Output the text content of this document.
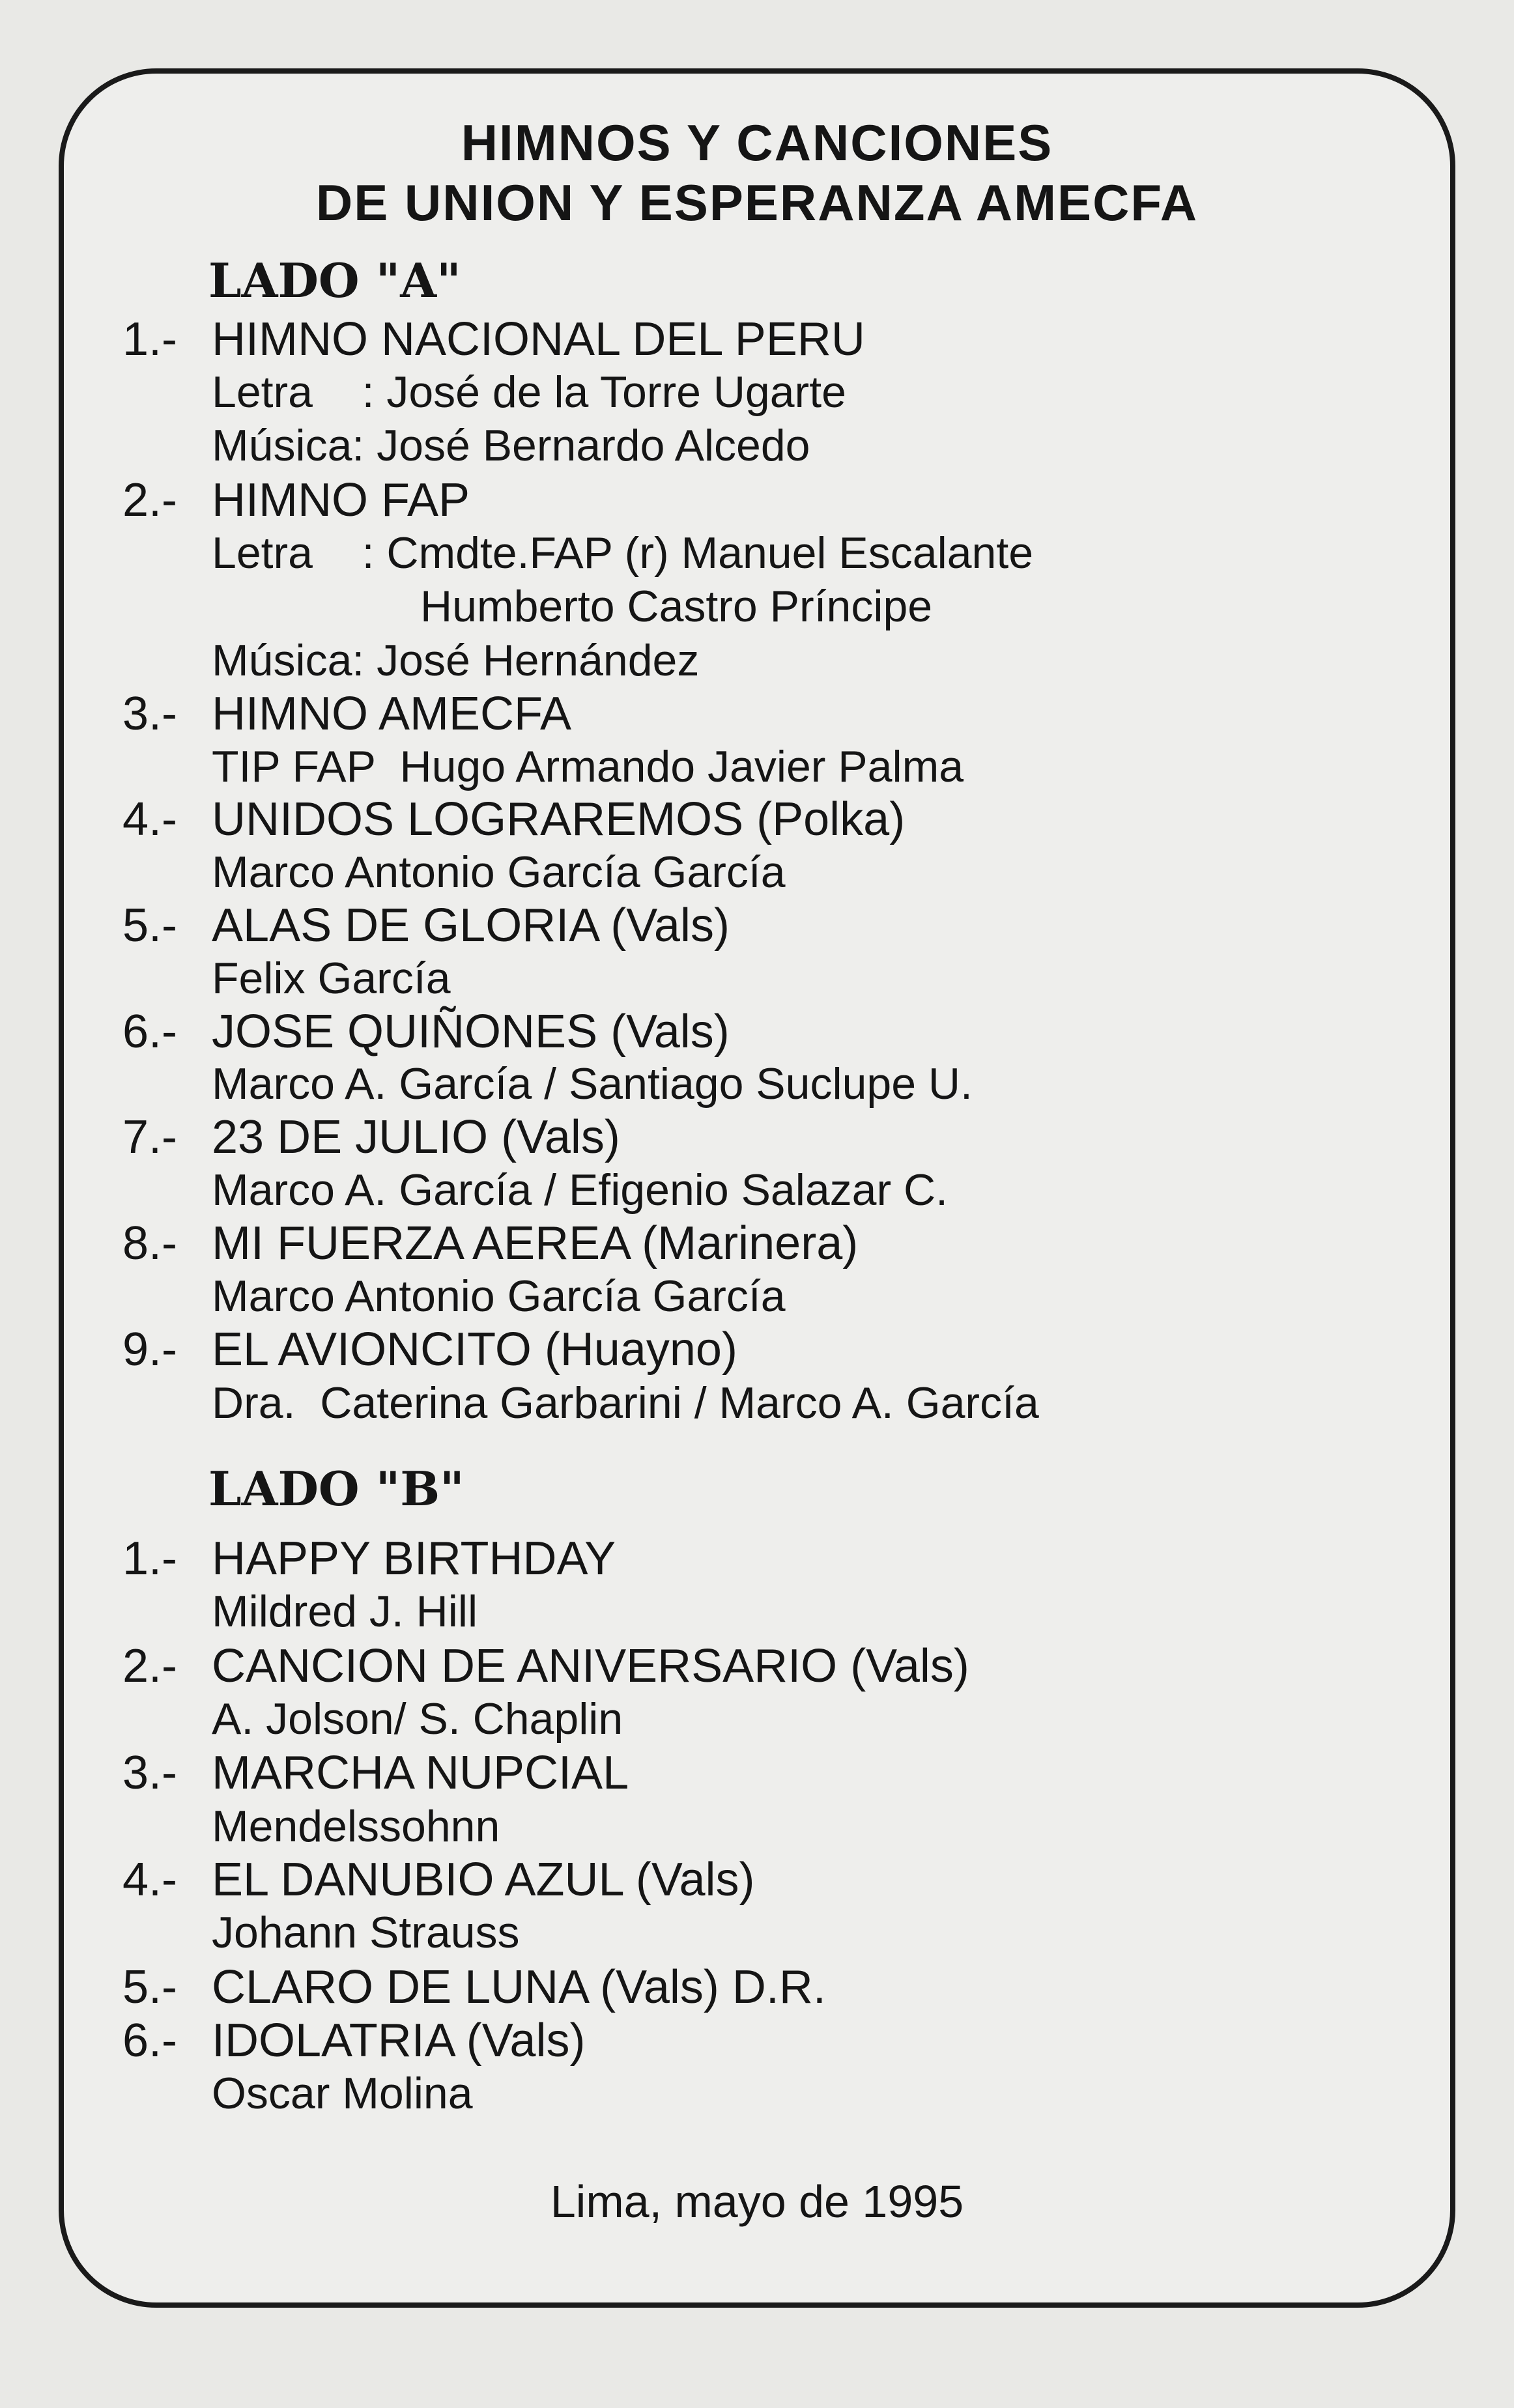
HIMNOS Y CANCIONES
DE UNION Y ESPERANZA AMECFA
LADO "A"
1.- HIMNO NACIONAL DEL PERU
Letra    : José de la Torre Ugarte
Música: José Bernardo Alcedo
2.- HIMNO FAP
Letra    : Cmdte.FAP (r) Manuel Escalante
Humberto Castro Príncipe
Música: José Hernández
3.- HIMNO AMECFA
TIP FAP  Hugo Armando Javier Palma
4.- UNIDOS LOGRAREMOS (Polka)
Marco Antonio García García
5.- ALAS DE GLORIA (Vals)
Felix García
6.- JOSE QUIÑONES (Vals)
Marco A. García / Santiago Suclupe U.
7.- 23 DE JULIO (Vals)
Marco A. García / Efigenio Salazar C.
8.- MI FUERZA AEREA (Marinera)
Marco Antonio García García
9.- EL AVIONCITO (Huayno)
Dra.  Caterina Garbarini / Marco A. García
LADO "B"
1.- HAPPY BIRTHDAY
Mildred J. Hill
2.- CANCION DE ANIVERSARIO (Vals)
A. Jolson/ S. Chaplin
3.- MARCHA NUPCIAL
Mendelssohnn
4.- EL DANUBIO AZUL (Vals)
Johann Strauss
5.- CLARO DE LUNA (Vals) D.R.
6.- IDOLATRIA (Vals)
Oscar Molina
Lima, mayo de 1995
